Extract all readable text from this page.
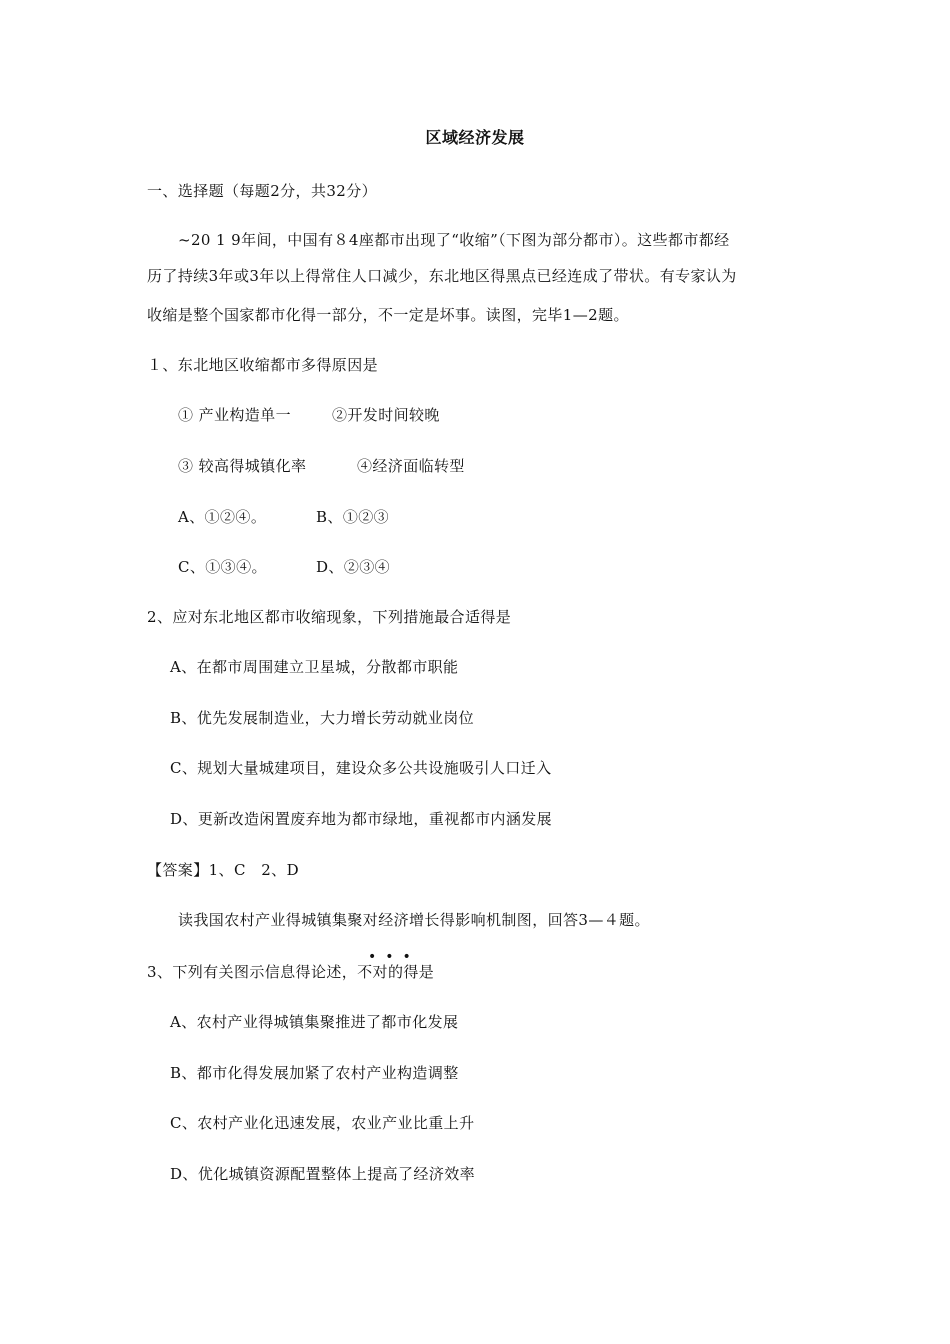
区域经济发展
一、选择题（每题2分，共32分）
~20 1 9年间，中国有８4座都市出现了“收缩”（下图为部分都市）。这些都市都经
历了持续3年或3年以上得常住人口减少，东北地区得黑点已经连成了带状。有专家认为
收缩是整个国家都市化得一部分，不一定是坏事。读图，完毕1—2题。
１、东北地区收缩都市多得原因是
① 产业构造单一	②开发时间较晚
③ 较高得城镇化率	④经济面临转型
A、①②④。	B、①②③
C、①③④。	D、②③④
2、应对东北地区都市收缩现象，下列措施最合适得是
A、在都市周围建立卫星城，分散都市职能
B、优先发展制造业，大力增长劳动就业岗位
C、规划大量城建项目，建设众多公共设施吸引人口迁入
D、更新改造闲置废弃地为都市绿地，重视都市内涵发展
【答案】1、C　2、D
读我国农村产业得城镇集聚对经济增长得影响机制图，回答3—４题。
•••
3、下列有关图示信息得论述，不对的得是
A、农村产业得城镇集聚推进了都市化发展
B、都市化得发展加紧了农村产业构造调整
C、农村产业化迅速发展，农业产业比重上升
D、优化城镇资源配置整体上提高了经济效率
